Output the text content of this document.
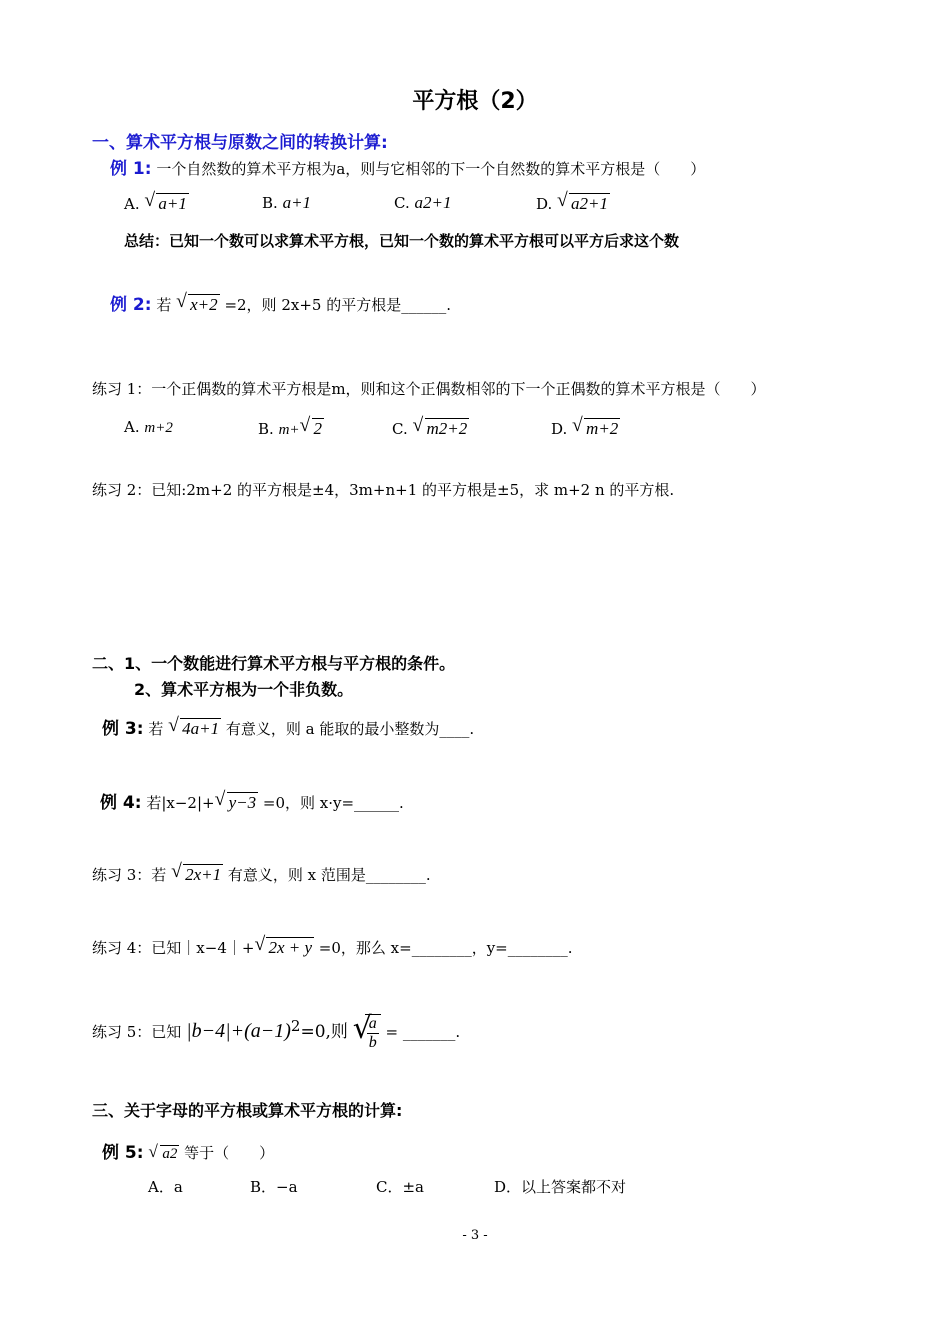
平方根（2）
一、算术平方根与原数之间的转换计算:
例 1: 一个自然数的算术平方根为a，则与它相邻的下一个自然数的算术平方根是（　　）
A. √ a+1	B. a+1	C. a2+1	D. √ a2+1
总结：已知一个数可以求算术平方根，已知一个数的算术平方根可以平方后求这个数
例 2: 若 √ x+2 =2，则 2x+5 的平方根是______.
练习 1：一个正偶数的算术平方根是m，则和这个正偶数相邻的下一个正偶数的算术平方根是（　　）
A. m+2	B. m+ √ 2	C. √ m2+2	D. √ m+2
练习 2：已知:2m+2 的平方根是±4，3m+n+1 的平方根是±5，求 m+2 n 的平方根.
二、1、一个数能进行算术平方根与平方根的条件。
2、算术平方根为一个非负数。
例 3: 若 √ 4a+1 有意义，则 a 能取的最小整数为____.
例 4: 若|x−2|+ √ y−3 =0，则 x·y=______.
练习 3：若 √ 2x+1 有意义，则 x 范围是________.
练习 4：已知｜x−4｜+ √ 2x + y =0，那么 x=________，y=________.
练习 5：已知 $|b-4|+(a-1)^2=0$,则 √ $\frac{a}{b}$ = _______.
三、关于字母的平方根或算术平方根的计算:
例 5: √ a2 等于（　　）
A．a	B．−a	C．±a	D．以上答案都不对
- 3 -
